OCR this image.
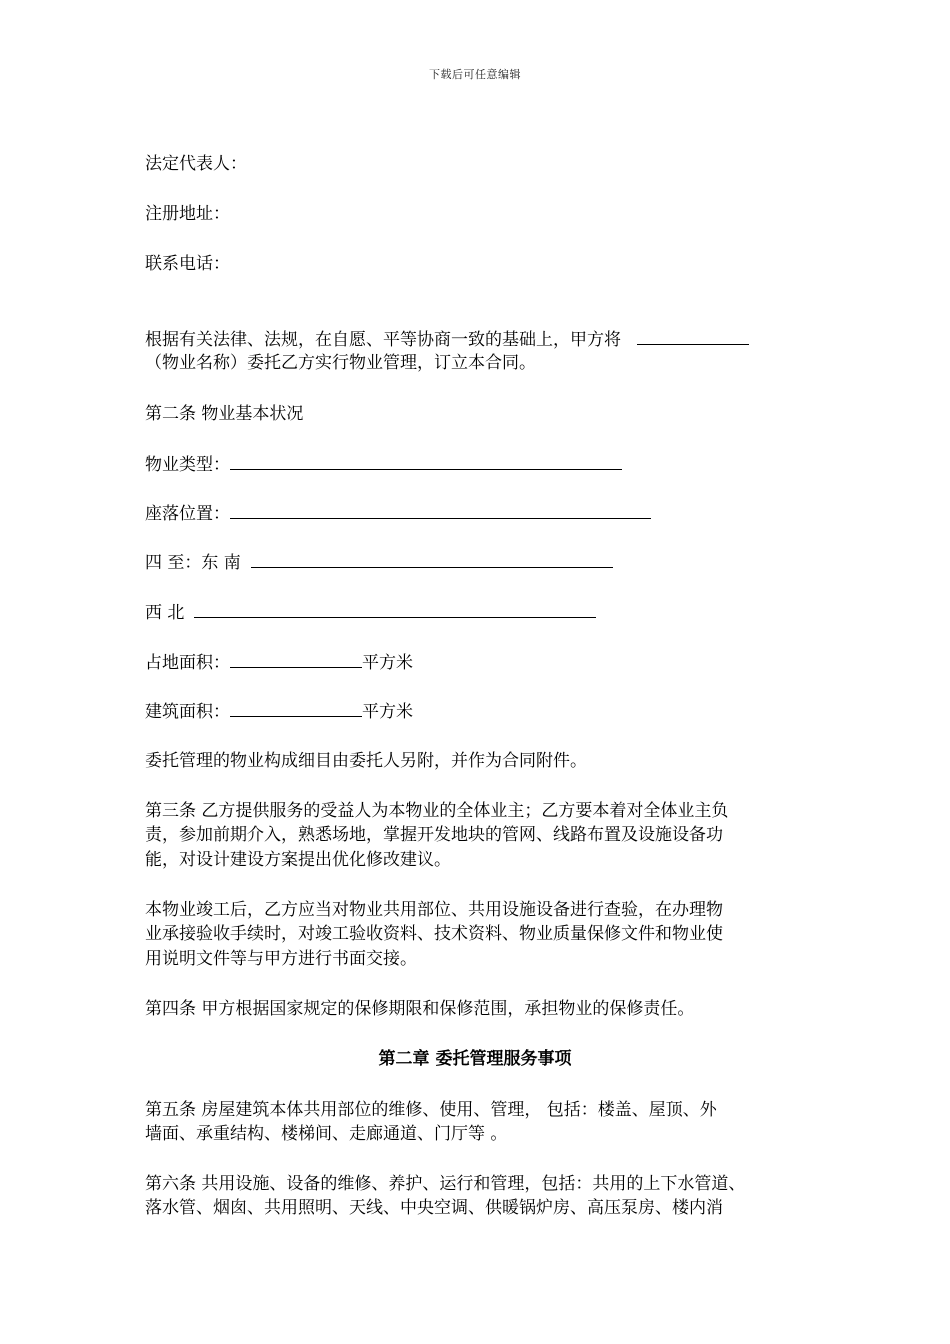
下载后可任意编辑
法定代表人：
注册地址：
联系电话：
根据有关法律、法规，在自愿、平等协商一致的基础上，甲方将
（物业名称）委托乙方实行物业管理，订立本合同。
第二条 物业基本状况
物业类型：
座落位置：
四 至：东 南
西 北
占地面积：	平方米
建筑面积：	平方米
委托管理的物业构成细目由委托人另附，并作为合同附件。
第三条 乙方提供服务的受益人为本物业的全体业主；乙方要本着对全体业主负
责，参加前期介入，熟悉场地，掌握开发地块的管网、线路布置及设施设备功
能，对设计建设方案提出优化修改建议。
本物业竣工后，乙方应当对物业共用部位、共用设施设备进行查验，在办理物
业承接验收手续时，对竣工验收资料、技术资料、物业质量保修文件和物业使
用说明文件等与甲方进行书面交接。
第四条 甲方根据国家规定的保修期限和保修范围，承担物业的保修责任。
第二章 委托管理服务事项
第五条 房屋建筑本体共用部位的维修、使用、管理， 包括：楼盖、屋顶、外
墙面、承重结构、楼梯间、走廊通道、门厅等 。
第六条 共用设施、设备的维修、养护、运行和管理，包括：共用的上下水管道、
落水管、烟囱、共用照明、天线、中央空调、供暖锅炉房、高压泵房、楼内消
